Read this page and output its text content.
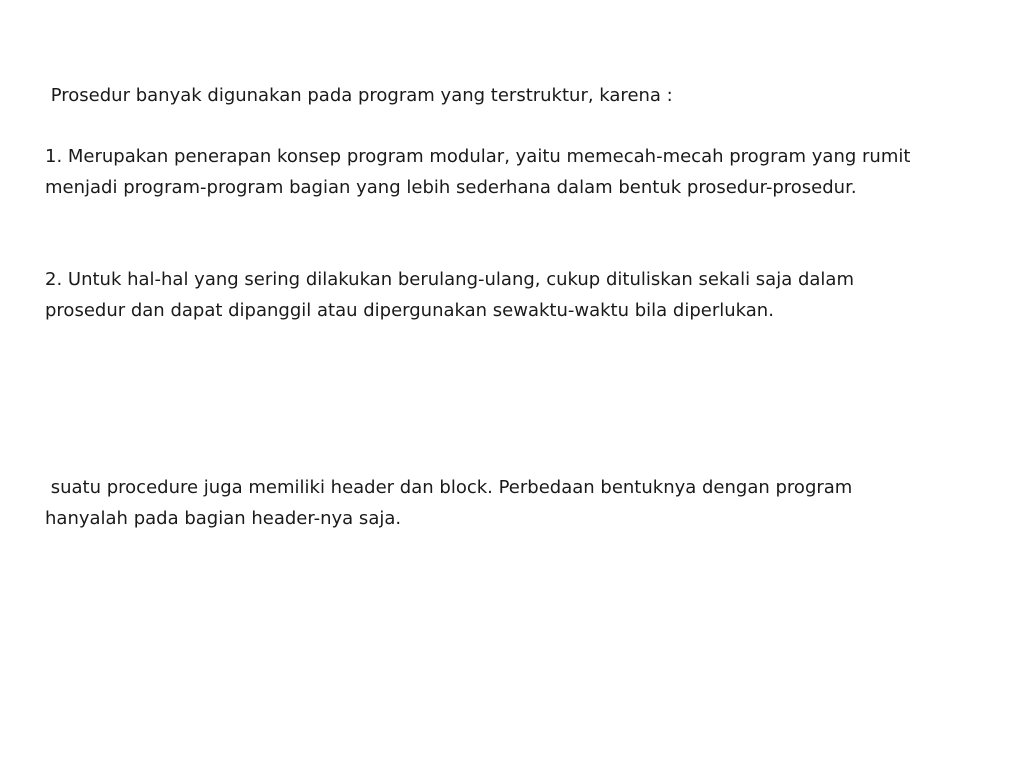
Prosedur banyak digunakan pada program yang terstruktur, karena :

1. Merupakan penerapan konsep program modular, yaitu memecah-mecah program yang rumit menjadi program-program bagian yang lebih sederhana dalam bentuk prosedur-prosedur.

2. Untuk hal-hal yang sering dilakukan berulang-ulang, cukup dituliskan sekali saja dalam prosedur dan dapat dipanggil atau dipergunakan sewaktu-waktu bila diperlukan.

suatu procedure juga memiliki header dan block. Perbedaan bentuknya dengan program hanyalah pada bagian header-nya saja.
